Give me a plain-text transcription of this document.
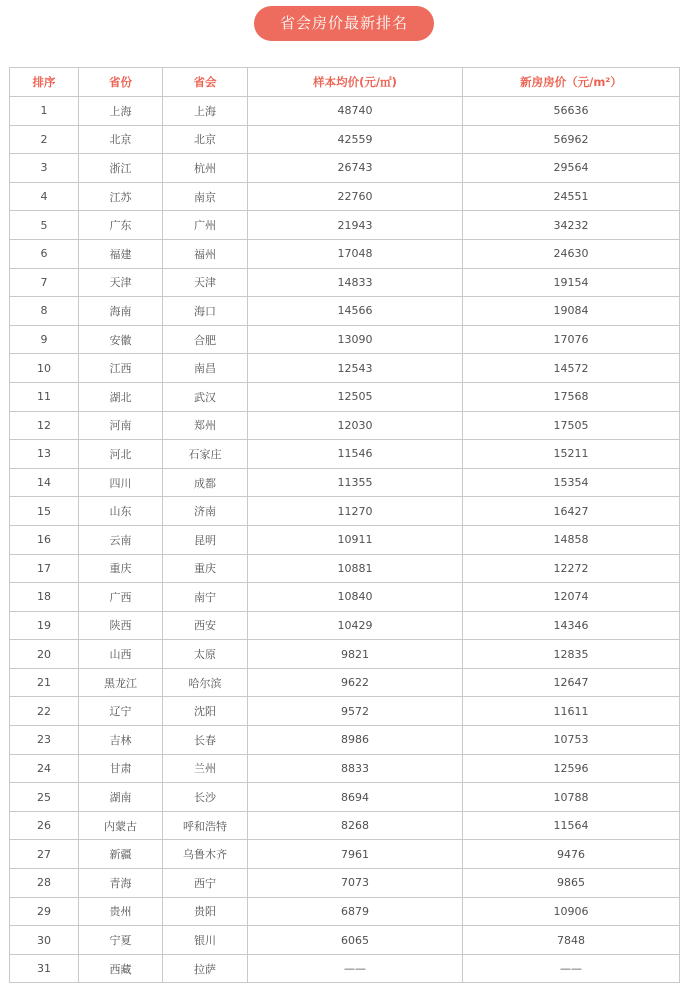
省会房价最新排名
排序	省份	省会	样本均价(元/㎡)	新房房价（元/m²）
1	上海	上海	48740	56636
2	北京	北京	42559	56962
3	浙江	杭州	26743	29564
4	江苏	南京	22760	24551
5	广东	广州	21943	34232
6	福建	福州	17048	24630
7	天津	天津	14833	19154
8	海南	海口	14566	19084
9	安徽	合肥	13090	17076
10	江西	南昌	12543	14572
11	湖北	武汉	12505	17568
12	河南	郑州	12030	17505
13	河北	石家庄	11546	15211
14	四川	成都	11355	15354
15	山东	济南	11270	16427
16	云南	昆明	10911	14858
17	重庆	重庆	10881	12272
18	广西	南宁	10840	12074
19	陕西	西安	10429	14346
20	山西	太原	9821	12835
21	黑龙江	哈尔滨	9622	12647
22	辽宁	沈阳	9572	11611
23	吉林	长春	8986	10753
24	甘肃	兰州	8833	12596
25	湖南	长沙	8694	10788
26	内蒙古	呼和浩特	8268	11564
27	新疆	乌鲁木齐	7961	9476
28	青海	西宁	7073	9865
29	贵州	贵阳	6879	10906
30	宁夏	银川	6065	7848
31	西藏	拉萨	——	——
